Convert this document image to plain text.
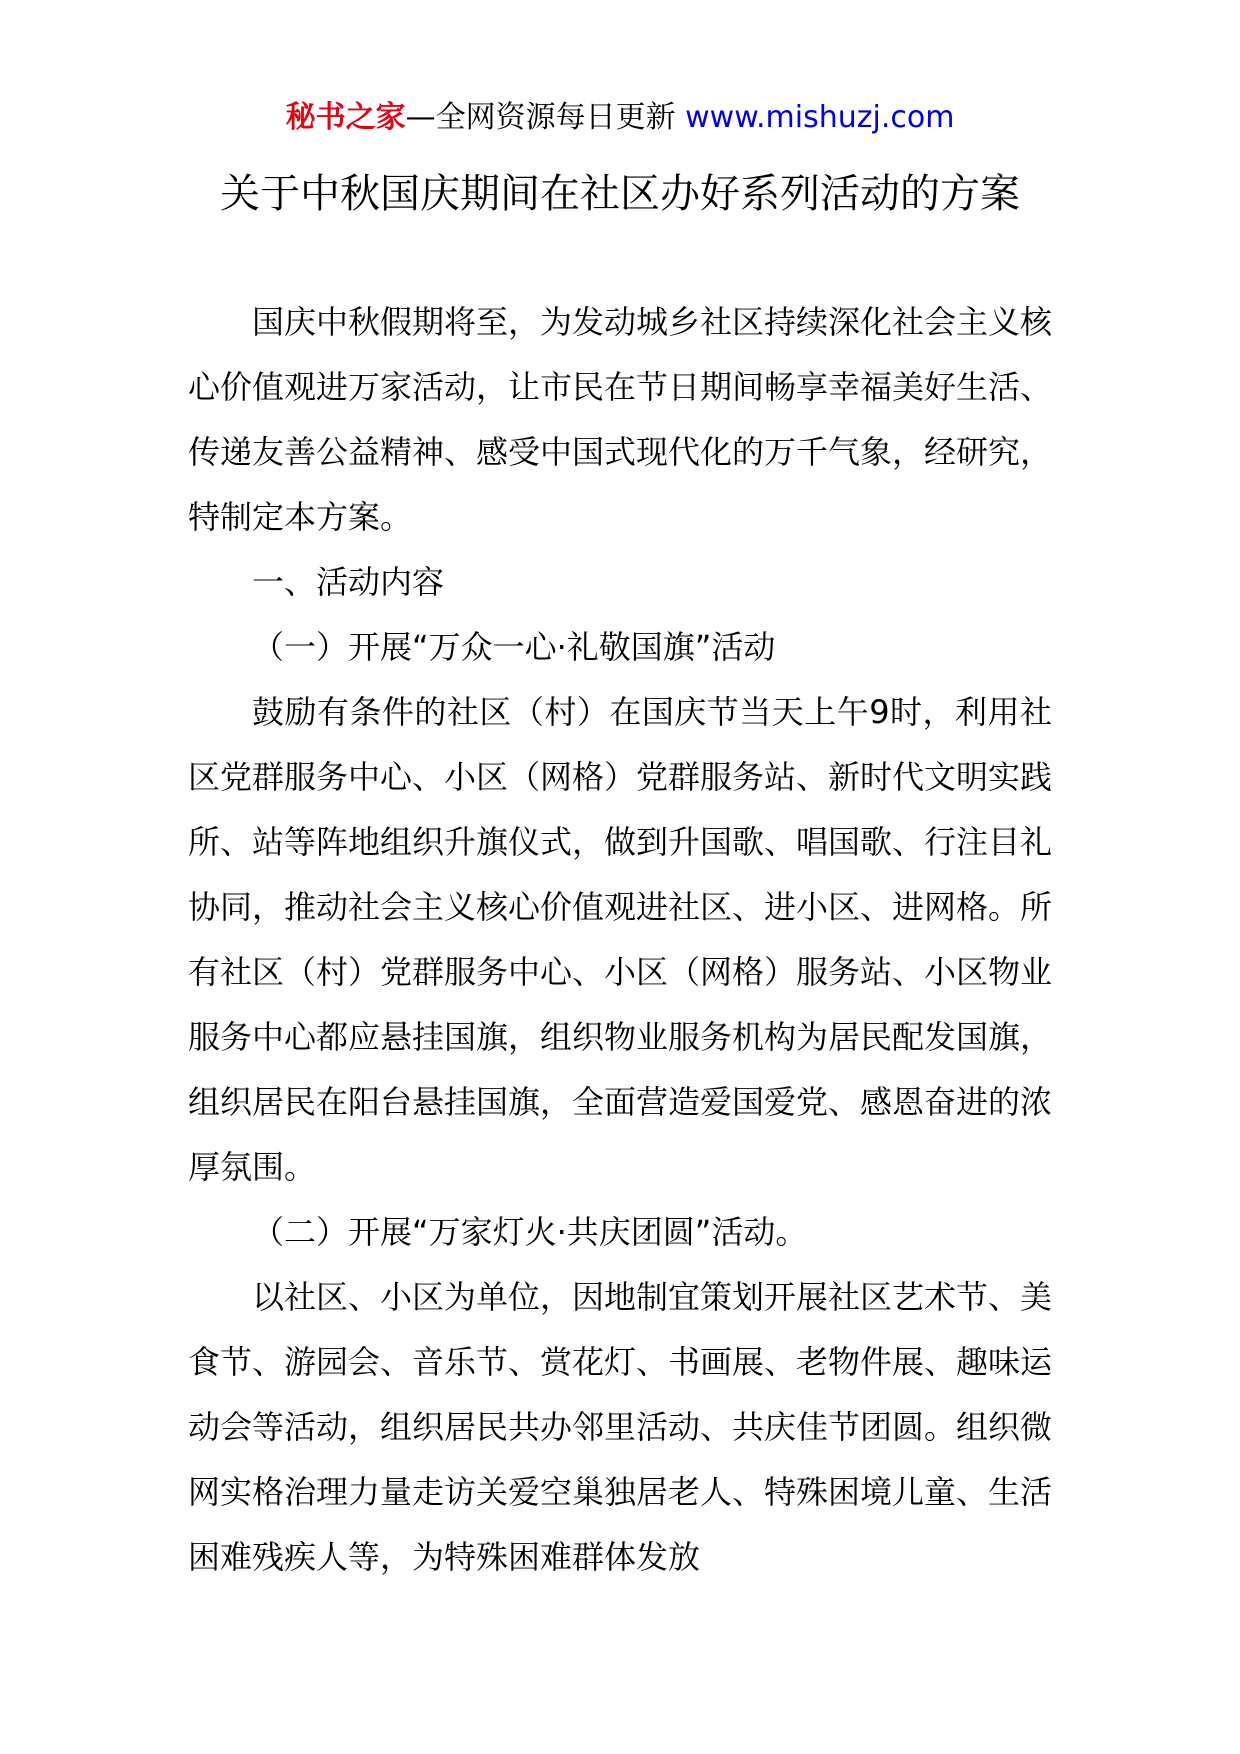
秘书之家—全网资源每日更新 www.mishuzj.com
关于中秋国庆期间在社区办好系列活动的方案

国庆中秋假期将至，为发动城乡社区持续深化社会主义核心价值观进万家活动，让市民在节日期间畅享幸福美好生活、传递友善公益精神、感受中国式现代化的万千气象，经研究，特制定本方案。

一、活动内容

（一）开展“万众一心·礼敬国旗”活动

鼓励有条件的社区（村）在国庆节当天上午9时，利用社区党群服务中心、小区（网格）党群服务站、新时代文明实践所、站等阵地组织升旗仪式，做到升国歌、唱国歌、行注目礼协同，推动社会主义核心价值观进社区、进小区、进网格。所有社区（村）党群服务中心、小区（网格）服务站、小区物业服务中心都应悬挂国旗，组织物业服务机构为居民配发国旗，组织居民在阳台悬挂国旗，全面营造爱国爱党、感恩奋进的浓厚氛围。

（二）开展“万家灯火·共庆团圆”活动。

以社区、小区为单位，因地制宜策划开展社区艺术节、美食节、游园会、音乐节、赏花灯、书画展、老物件展、趣味运动会等活动，组织居民共办邻里活动、共庆佳节团圆。组织微网实格治理力量走访关爱空巢独居老人、特殊困境儿童、生活困难残疾人等，为特殊困难群体发放
